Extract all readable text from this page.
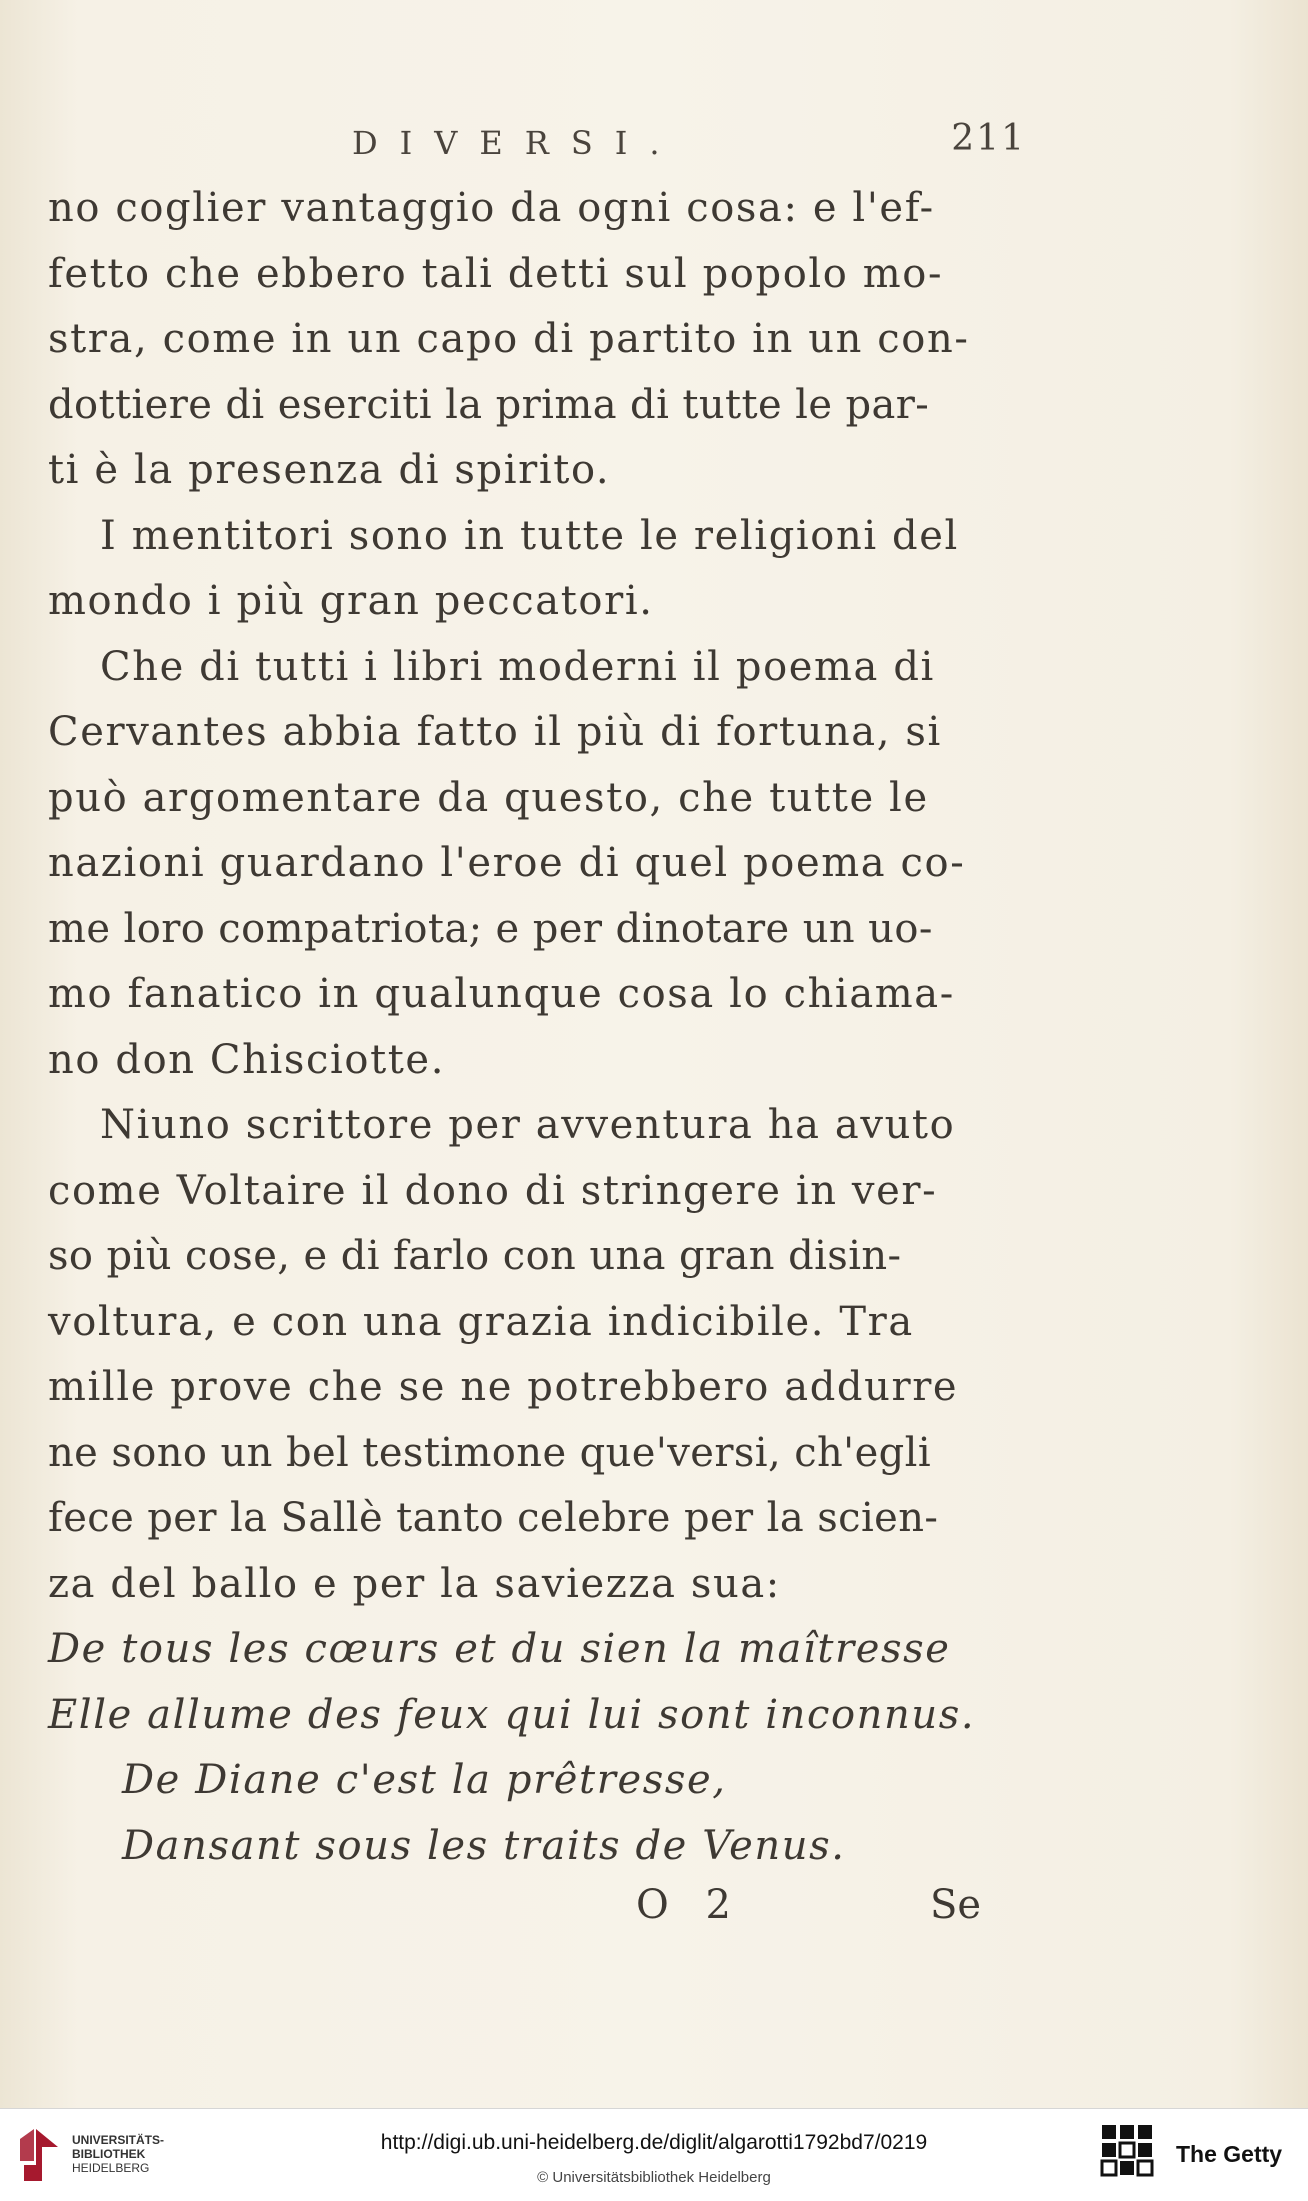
DIVERSI.	211
no coglier vantaggio da ogni cosa: e l'ef-
fetto che ebbero tali detti sul popolo mo-
stra, come in un capo di partito in un con-
dottiere di eserciti la prima di tutte le par-
ti è la presenza di spirito.
I mentitori sono in tutte le religioni del
mondo i più gran peccatori.
Che di tutti i libri moderni il poema di
Cervantes abbia fatto il più di fortuna, si
può argomentare da questo, che tutte le
nazioni guardano l'eroe di quel poema co-
me loro compatriota; e per dinotare un uo-
mo fanatico in qualunque cosa lo chiama-
no don Chisciotte.
Niuno scrittore per avventura ha avuto
come Voltaire il dono di stringere in ver-
so più cose, e di farlo con una gran disin-
voltura, e con una grazia indicibile. Tra
mille prove che se ne potrebbero addurre
ne sono un bel testimone que'versi, ch'egli
fece per la Sallè tanto celebre per la scien-
za del ballo e per la saviezza sua:
De tous les cœurs et du sien la maîtresse
Elle allume des feux qui lui sont inconnus.
De Diane c'est la prêtresse,
Dansant sous les traits de Venus.
O 2	Se
UNIVERSITÄTS-
BIBLIOTHEK
HEIDELBERG
http://digi.ub.uni-heidelberg.de/diglit/algarotti1792bd7/0219
© Universitätsbibliothek Heidelberg
The Getty
